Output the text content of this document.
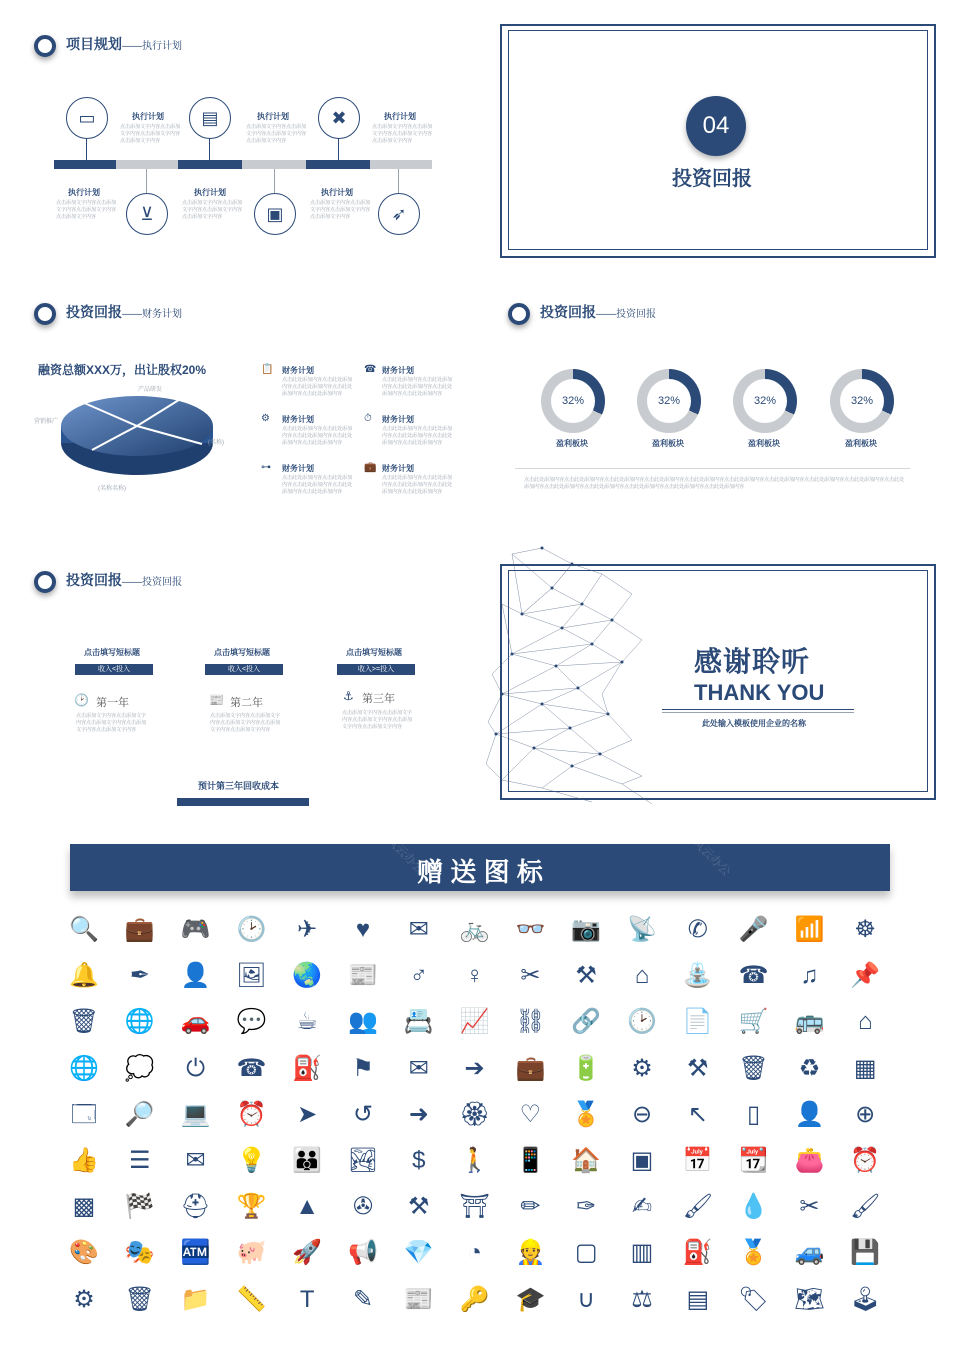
项目规划——执行计划
▭	▤	✖
⊻	▣	➶
执行计划
点击添加文字内容点击添加文字内容点击添加文字内容点击添加文字内容
执行计划
点击添加文字内容点击添加文字内容点击添加文字内容点击添加文字内容
执行计划
点击添加文字内容点击添加文字内容点击添加文字内容点击添加文字内容
执行计划
点击添加文字内容点击添加文字内容点击添加文字内容点击添加文字内容
执行计划
点击添加文字内容点击添加文字内容点击添加文字内容点击添加文字内容
执行计划
点击添加文字内容点击添加文字内容点击添加文字内容点击添加文字内容
04
投资回报
投资回报——财务计划
融资总额XXX万，出让股权20%
产品研发
营销推广
(名称)
(名称名称)
📋 财务计划
点击此处添加内容点击此处添加内容点击此处添加内容点击此处添加内容点击此处添加内容
☎ 财务计划
点击此处添加内容点击此处添加内容点击此处添加内容点击此处添加内容点击此处添加内容
⚙ 财务计划
点击此处添加内容点击此处添加内容点击此处添加内容点击此处添加内容点击此处添加内容
⏱ 财务计划
点击此处添加内容点击此处添加内容点击此处添加内容点击此处添加内容点击此处添加内容
⊶ 财务计划
点击此处添加内容点击此处添加内容点击此处添加内容点击此处添加内容点击此处添加内容
💼 财务计划
点击此处添加内容点击此处添加内容点击此处添加内容点击此处添加内容点击此处添加内容
投资回报——投资回报
32%	32%	32%	32%
盈利板块	盈利板块	盈利板块	盈利板块
点击此处添加内容点击此处添加内容点击此处添加内容点击此处添加内容点击此处添加内容点击此处添加内容点击此处添加内容点击此处添加内容点击此处添加内容点击此处添加内容点击此处添加内容点击此处添加内容点击此处添加内容点击此处添加内容点击此处添加内容
投资回报——投资回报
点击填写短标题
收入<投入
🕑 第一年
点击添加文字内容点击添加文字内容点击添加文字内容点击添加文字内容点击添加文字内容
点击填写短标题
收入<投入
📰 第二年
点击添加文字内容点击添加文字内容点击添加文字内容点击添加文字内容点击添加文字内容
点击填写短标题
收入>=投入
⚓ 第三年
点击添加文字内容点击添加文字内容点击添加文字内容点击添加文字内容点击添加文字内容
预计第三年回收成本
感谢聆听
THANK YOU
此处输入模板使用企业的名称
赠 送 图 标
风云办公	风云办公
🔍 💼 🎮 🕑	✈	♥	✉	🚲 👓 📷 📡	✆	🎤 📶	☸
🔔	✒	👤 🖼 🌏 📰	♂	♀	✂	⚒	⌂	⛲ ☎	♫	📌
🗑 🌐 🚗 💬	☕	👥 📇 📈 ⛓ 🔗 🕑 📄 🛒 🚌	⌂
🌐 💭	⏻	☎ ⛽	⚑	✉	➔	💼 🔋	⚙	⚒	🗑	♻	▦
🗔 🔎 💻 ⏰	➤	↺	➜	🏵	♡	🏅	⊖	↖	▯	👤	⊕
👍	☰	✉	💡 👪 🏞	$	🚶 📱 🏠	▣	📅 📆 👛 ⏰
▩	🏁 ⛑ 🏆	▲	✇	⚒	⛩	✏	✑	✍	🖌 💧	✂	🖌
🎨 🎭 🏧 🐖 🚀 📢 💎	◔	👷	▢	▥	⛽ 🏅 🚙 💾
⚙	🗑 📁 📏	T	✎	📰 🔑 🎓	∪	⚖	▤	🏷 🗺 🕹
